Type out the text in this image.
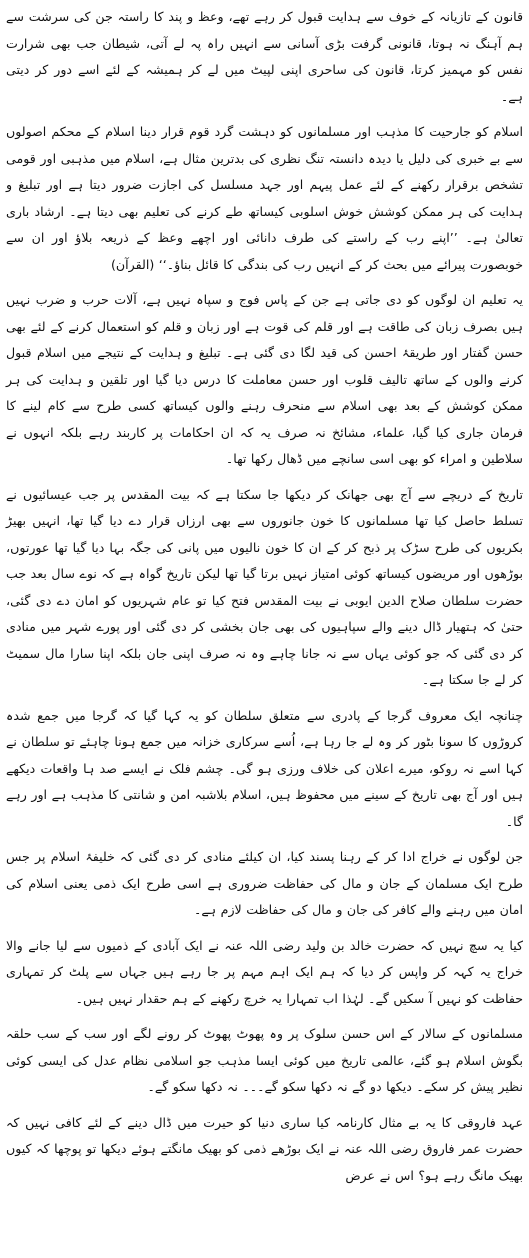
قانون کے تازیانہ کے خوف سے ہدایت قبول کر رہے تھے، وعظ و پند کا راستہ جن کی سرشت سے ہم آہنگ نہ ہوتا، قانونی گرفت بڑی آسانی سے انہیں راہ پہ لے آتی، شیطان جب بھی شرارت نفس کو مہمیز کرتا، قانون کی ساحری اپنی لپیٹ میں لے کر ہمیشہ کے لئے اسے دور کر دیتی ہے۔

اسلام کو جارحیت کا مذہب اور مسلمانوں کو دہشت گرد قوم قرار دینا اسلام کے محکم اصولوں سے بے خبری کی دلیل یا دیدہ دانستہ تنگ نظری کی بدترین مثال ہے، اسلام میں مذہبی اور قومی تشخص برقرار رکھنے کے لئے عمل پیہم اور جہد مسلسل کی اجازت ضرور دیتا ہے اور تبلیغ و ہدایت کی ہر ممکن کوشش خوش اسلوبی کیساتھ طے کرنے کی تعلیم بھی دیتا ہے۔ ارشاد باری تعالیٰ ہے۔ ’’اپنے رب کے راستے کی طرف دانائی اور اچھے وعظ کے ذریعہ بلاؤ اور ان سے خوبصورت پیرائے میں بحث کر کے انہیں رب کی بندگی کا قائل بناؤ۔‘‘ (القرآن)

یہ تعلیم ان لوگوں کو دی جاتی ہے جن کے پاس فوج و سپاہ نہیں ہے، آلات حرب و ضرب نہیں ہیں بصرف زبان کی طاقت ہے اور قلم کی قوت ہے اور زبان و قلم کو استعمال کرنے کے لئے بھی حسن گفتار اور طریقۂ احسن کی قید لگا دی گئی ہے۔ تبلیغ و ہدایت کے نتیجے میں اسلام قبول کرنے والوں کے ساتھ تالیف قلوب اور حسن معاملت کا درس دیا گیا اور تلقین و ہدایت کی ہر ممکن کوشش کے بعد بھی اسلام سے منحرف رہنے والوں کیساتھ کسی طرح سے کام لینے کا فرمان جاری کیا گیا، علماء، مشائخ نہ صرف یہ کہ ان احکامات پر کاربند رہے بلکہ انہوں نے سلاطین و امراء کو بھی اسی سانچے میں ڈھال رکھا تھا۔

تاریخ کے دریچے سے آج بھی جھانک کر دیکھا جا سکتا ہے کہ بیت المقدس پر جب عیسائیوں نے تسلط حاصل کیا تھا مسلمانوں کا خون جانوروں سے بھی ارزاں قرار دے دیا گیا تھا، انہیں بھیڑ بکریوں کی طرح سڑک پر ذبح کر کے ان کا خون نالیوں میں پانی کی جگہ بہا دیا گیا تھا عورتوں، بوڑھوں اور مریضوں کیساتھ کوئی امتیاز نہیں برتا گیا تھا لیکن تاریخ گواہ ہے کہ نوے سال بعد جب حضرت سلطان صلاح الدین ایوبی نے بیت المقدس فتح کیا تو عام شہریوں کو امان دے دی گئی، حتیٰ کہ ہتھیار ڈال دینے والے سپاہیوں کی بھی جان بخشی کر دی گئی اور پورے شہر میں منادی کر دی گئی کہ جو کوئی یہاں سے نہ جانا چاہے وہ نہ صرف اپنی جان بلکہ اپنا سارا مال سمیٹ کر لے جا سکتا ہے۔

چنانچہ ایک معروف گرجا کے پادری سے متعلق سلطان کو یہ کہا گیا کہ گرجا میں جمع شدہ کروڑوں کا سونا بٹور کر وہ لے جا رہا ہے، اُسے سرکاری خزانہ میں جمع ہونا چاہئے تو سلطان نے کہا اسے نہ روکو، میرے اعلان کی خلاف ورزی ہو گی۔ چشم فلک نے ایسے صد ہا واقعات دیکھے ہیں اور آج بھی تاریخ کے سینے میں محفوظ ہیں، اسلام بلاشبہ امن و شانتی کا مذہب ہے اور رہے گا۔

جن لوگوں نے خراج ادا کر کے رہنا پسند کیا، ان کیلئے منادی کر دی گئی کہ خلیفۂ اسلام پر جس طرح ایک مسلمان کے جان و مال کی حفاظت ضروری ہے اسی طرح ایک ذمی یعنی اسلام کی امان میں رہنے والے کافر کی جان و مال کی حفاظت لازم ہے۔

کیا یہ سچ نہیں کہ حضرت خالد بن ولید رضی اللہ عنہ نے ایک آبادی کے ذمیوں سے لیا جانے والا خراج یہ کہہ کر واپس کر دیا کہ ہم ایک اہم مہم پر جا رہے ہیں جہاں سے پلٹ کر تمہاری حفاظت کو نہیں آ سکیں گے۔ لہٰذا اب تمہارا یہ خرچ رکھنے کے ہم حقدار نہیں ہیں۔

مسلمانوں کے سالار کے اس حسن سلوک پر وہ پھوٹ پھوٹ کر رونے لگے اور سب کے سب حلقہ بگوش اسلام ہو گئے، عالمی تاریخ میں کوئی ایسا مذہب جو اسلامی نظام عدل کی ایسی کوئی نظیر پیش کر سکے۔ دیکھا دو گے نہ دکھا سکو گے۔۔۔ نہ دکھا سکو گے۔

عہد فاروقی کا یہ بے مثال کارنامہ کیا ساری دنیا کو حیرت میں ڈال دینے کے لئے کافی نہیں کہ حضرت عمر فاروق رضی اللہ عنہ نے ایک بوڑھے ذمی کو بھیک مانگتے ہوئے دیکھا تو پوچھا کہ کیوں بھیک مانگ رہے ہو؟ اس نے عرض
